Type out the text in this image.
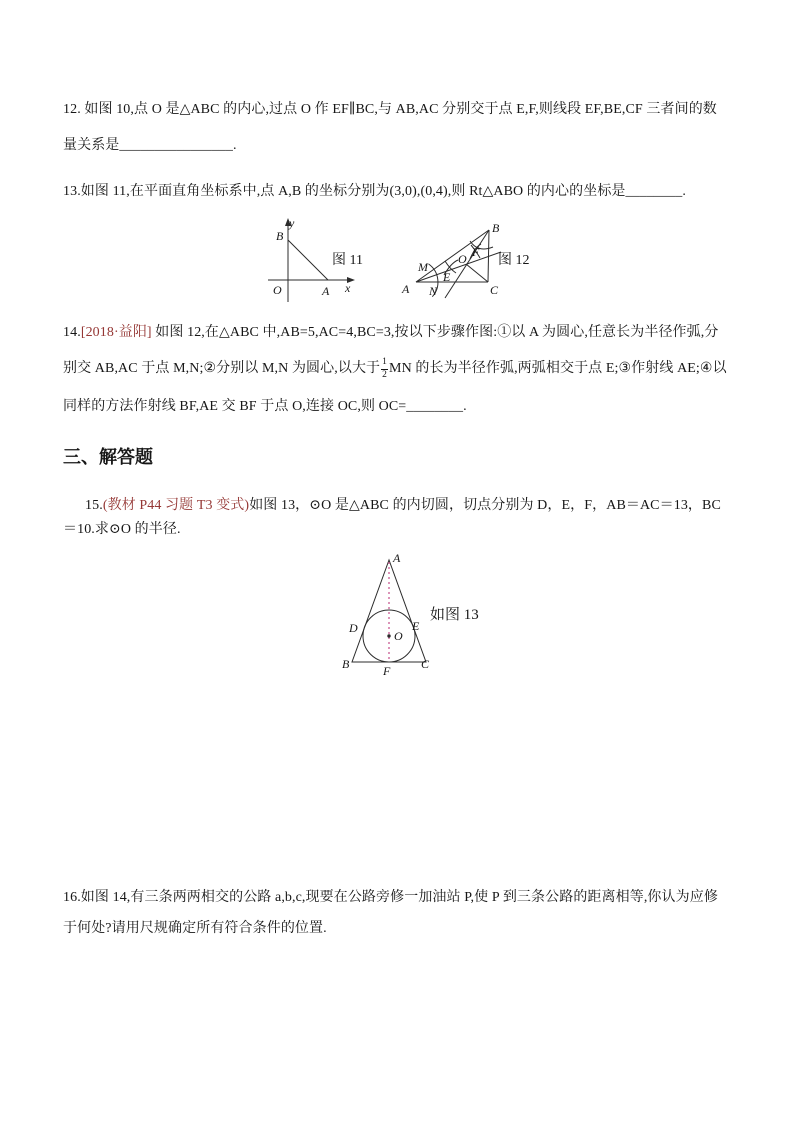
12. 如图 10,点 O 是△ABC 的内心,过点 O 作 EF∥BC,与 AB,AC 分别交于点 E,F,则线段 EF,BE,CF 三者间的数
量关系是________________.
13.如图 11,在平面直角坐标系中,点 A,B 的坐标分别为(3,0),(0,4),则 Rt△ABO 的内心的坐标是________.
y
B
O	A x
图 11
A
B
C
M
N
E
O F
图 12
14.[2018·益阳] 如图 12,在△ABC 中,AB=5,AC=4,BC=3,按以下步骤作图:①以 A 为圆心,任意长为半径作弧,分
别交 AB,AC 于点 M,N;②分别以 M,N 为圆心,以大于 $\frac{1}{2}$ MN 的长为半径作弧,两弧相交于点 E;③作射线 AE;④以
同样的方法作射线 BF,AE 交 BF 于点 O,连接 OC,则 OC=________.
三、解答题
15.(教材 P44 习题 T3 变式)如图 13，⊙O 是△ABC 的内切圆，切点分别为 D，E，F，AB＝AC＝13，BC
＝10.求⊙O 的半径.
A
D	E
O
B	F	C
如图 13
16.如图 14,有三条两两相交的公路 a,b,c,现要在公路旁修一加油站 P,使 P 到三条公路的距离相等,你认为应修
于何处?请用尺规确定所有符合条件的位置.
